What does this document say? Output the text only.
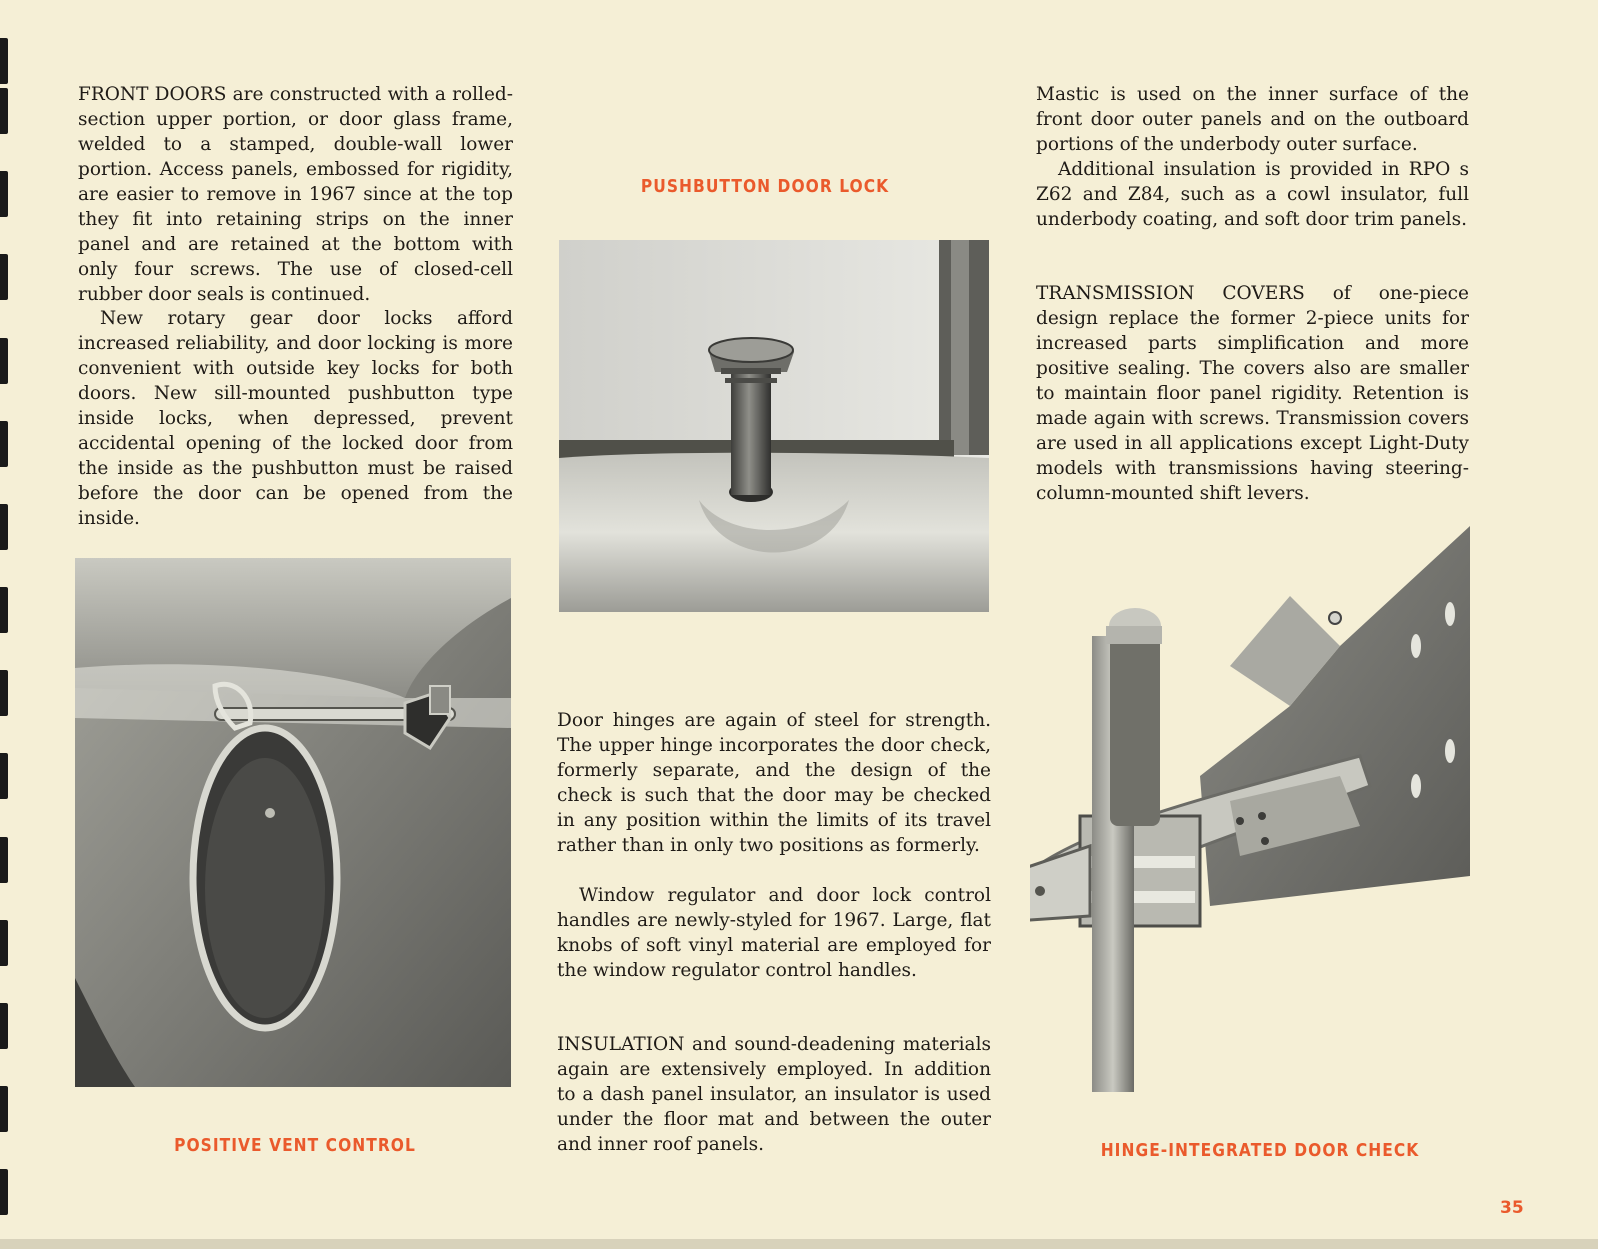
FRONT DOORS are constructed with a rolled-section upper portion, or door glass frame, welded to a stamped, double-wall lower portion. Access panels, embossed for rigidity, are easier to remove in 1967 since at the top they fit into retaining strips on the inner panel and are retained at the bottom with only four screws. The use of closed-cell rubber door seals is continued.

New rotary gear door locks afford increased reliability, and door locking is more convenient with outside key locks for both doors. New sill-mounted pushbutton type inside locks, when depressed, prevent accidental opening of the locked door from the inside as the pushbutton must be raised before the door can be opened from the inside.

POSITIVE VENT CONTROL

PUSHBUTTON DOOR LOCK

Door hinges are again of steel for strength. The upper hinge incorporates the door check, formerly separate, and the design of the check is such that the door may be checked in any position within the limits of its travel rather than in only two positions as formerly.

Window regulator and door lock control handles are newly-styled for 1967. Large, flat knobs of soft vinyl material are employed for the window regulator control handles.

INSULATION and sound-deadening materials again are extensively employed. In addition to a dash panel insulator, an insulator is used under the floor mat and between the outer and inner roof panels.

Mastic is used on the inner surface of the front door outer panels and on the outboard portions of the underbody outer surface.

Additional insulation is provided in RPO s Z62 and Z84, such as a cowl insulator, full underbody coating, and soft door trim panels.

TRANSMISSION COVERS of one-piece design replace the former 2-piece units for increased parts simplification and more positive sealing. The covers also are smaller to maintain floor panel rigidity. Retention is made again with screws. Transmission covers are used in all applications except Light-Duty models with transmissions having steering-column-mounted shift levers.

HINGE-INTEGRATED DOOR CHECK

35
